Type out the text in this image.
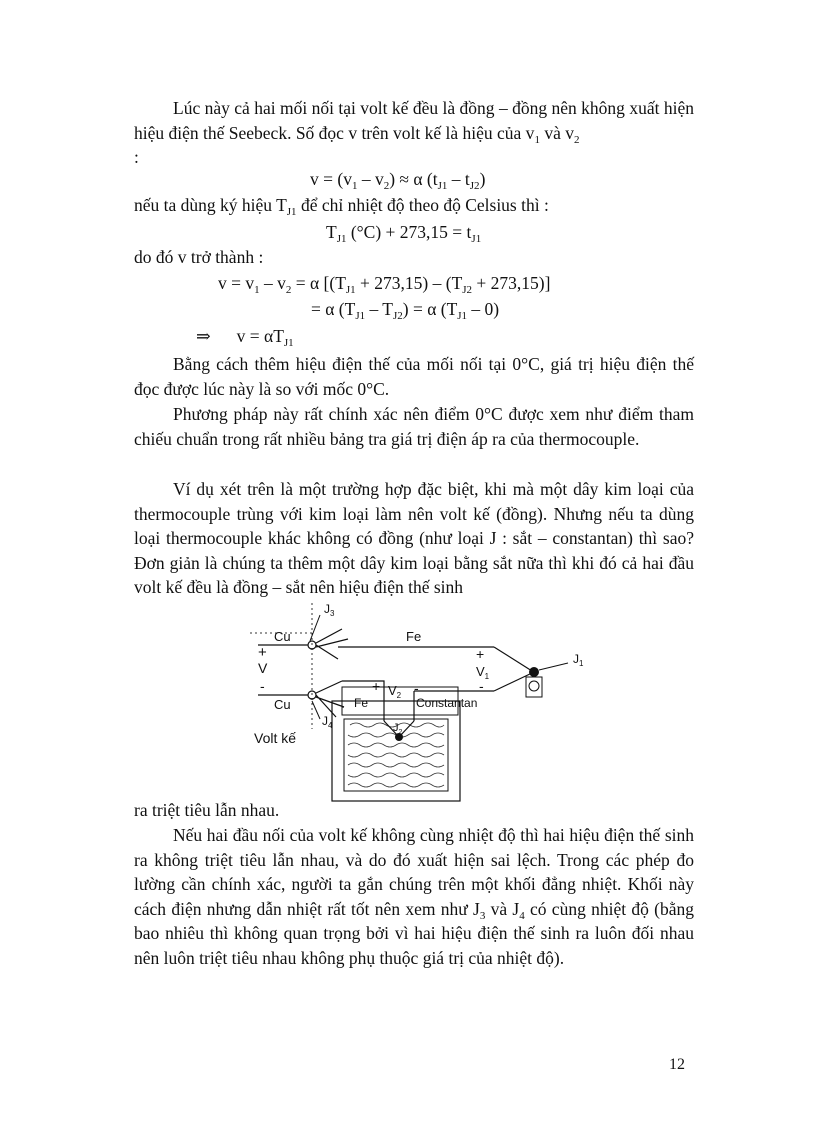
Lúc này cả hai mối nối tại volt kế đều là đồng – đồng nên không xuất hiện hiệu điện thế Seebeck. Số đọc v trên volt kế là hiệu của $v_1$ và $v_2$
:

$v = (v_1 - v_2) \approx \alpha$ $(t_{J1} - t_{J2})$
nếu ta dùng ký hiệu $T_{J1}$ để chỉ nhiệt độ theo độ Celsius thì :
$T_{J1}$ $(^\circ C) + 273,15 = t_{J1}$
do đó v trở thành :
$v = v_1 - v_2 = \alpha$ $[(T_{J1} + 273,15) - (T_{J2} + 273,15)]$
= α $(T_{J1} - T_{J2}) = \alpha$ $(T_{J1} - 0)$
⇒ $v = \alpha T_{J1}$

Bằng cách thêm hiệu điện thế của mối nối tại 0°C, giá trị hiệu điện thế đọc được lúc này là so với mốc 0°C.

Phương pháp này rất chính xác nên điểm 0°C được xem như điểm tham chiếu chuẩn trong rất nhiều bảng tra giá trị điện áp ra của thermocouple.

Ví dụ xét trên là một trường hợp đặc biệt, khi mà một dây kim loại của thermocouple trùng với kim loại làm nên volt kế (đồng). Nhưng nếu ta dùng loại thermocouple khác không có đồng (như loại J : sắt – constantan) thì sao? Đơn giản là chúng ta thêm một dây kim loại bằng sắt nữa thì khi đó cả hai đầu volt kế đều là đồng – sắt nên hiệu điện thế sinh

$J_3$
$J_4$
$J_1$
$J_2$
Cu
Cu
Fe
Fe	Constantan
+
V
-
+
$V_1$
-
+ $V_2$ -
Volt kế
ra triệt tiêu lẫn nhau.

Nếu hai đầu nối của volt kế không cùng nhiệt độ thì hai hiệu điện thế sinh ra không triệt tiêu lẫn nhau, và do đó xuất hiện sai lệch. Trong các phép đo lường cần chính xác, người ta gắn chúng trên một khối đẳng nhiệt. Khối này cách điện nhưng dẫn nhiệt rất tốt nên xem như $J_3$ và $J_4$ có cùng nhiệt độ (bằng bao nhiêu thì không quan trọng bởi vì hai hiệu điện thế sinh ra luôn đối nhau nên luôn triệt tiêu nhau không phụ thuộc giá trị của nhiệt độ).

12
